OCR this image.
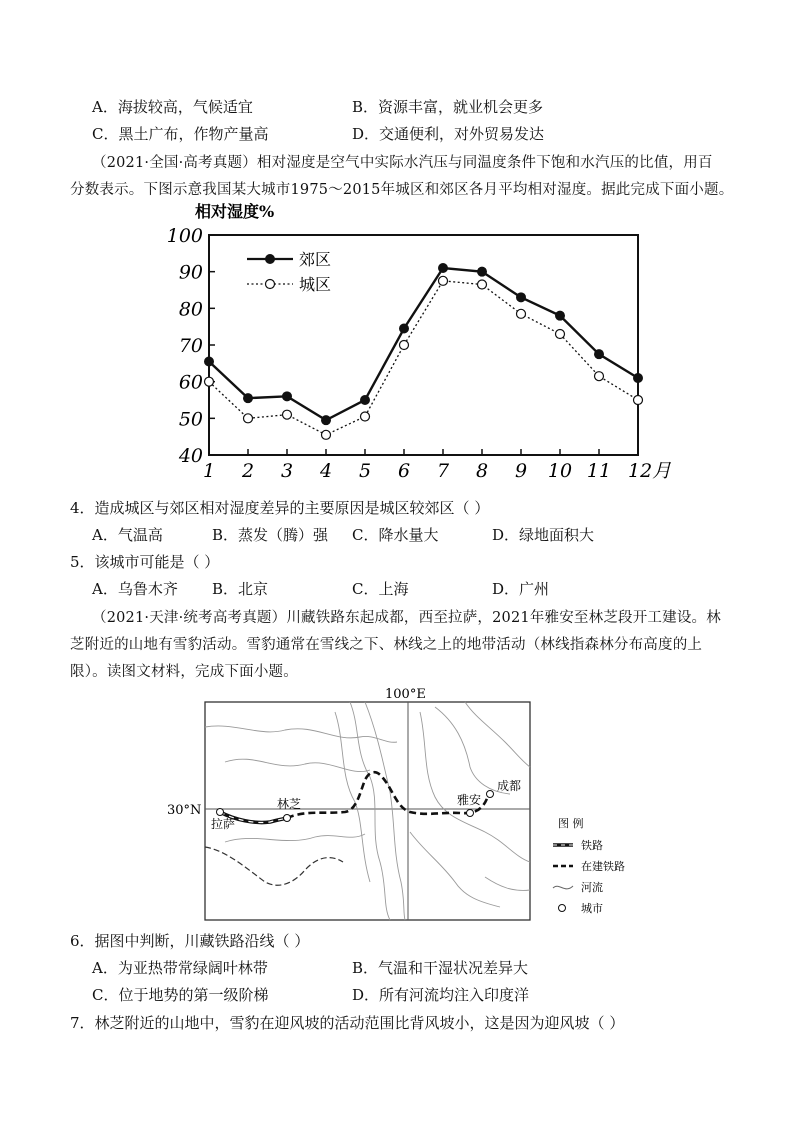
A．海拔较高，气候适宜	B．资源丰富，就业机会更多
C．黑土广布，作物产量高	D．交通便利，对外贸易发达
（2021·全国·高考真题）相对湿度是空气中实际水汽压与同温度条件下饱和水汽压的比值，用百
分数表示。下图示意我国某大城市1975～2015年城区和郊区各月平均相对湿度。据此完成下面小题。
相对湿度%
100
90
80
70
60
50
40
1 2 3 4 5 6 7 8 9 10 11 12月
郊区
城区
4．造成城区与郊区相对湿度差异的主要原因是城区较郊区（ ）
A．气温高	B．蒸发（腾）强 C．降水量大	D．绿地面积大
5．该城市可能是（ ）
A．乌鲁木齐 B．北京	C．上海	D．广州
（2021·天津·统考高考真题）川藏铁路东起成都，西至拉萨，2021年雅安至林芝段开工建设。林
芝附近的山地有雪豹活动。雪豹通常在雪线之下、林线之上的地带活动（林线指森林分布高度的上
限）。读图文材料，完成下面小题。
100°E
30°N
拉萨
林芝	雅安
成都
图 例
铁路
在建铁路
河流
城市
6．据图中判断，川藏铁路沿线（ ）
A．为亚热带常绿阔叶林带	B．气温和干湿状况差异大
C．位于地势的第一级阶梯	D．所有河流均注入印度洋
7．林芝附近的山地中，雪豹在迎风坡的活动范围比背风坡小，这是因为迎风坡（ ）
